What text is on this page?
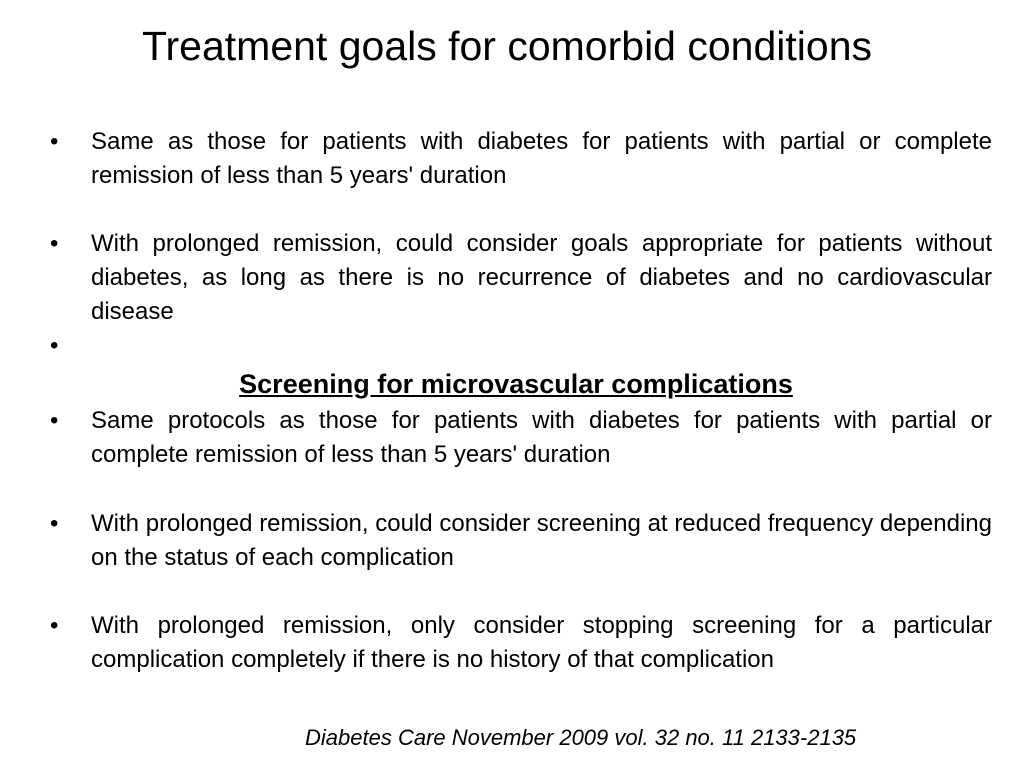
Treatment goals for comorbid conditions
•	Same as those for patients with diabetes for patients with partial or complete remission of less than 5 years' duration
•	With prolonged remission, could consider goals appropriate for patients without diabetes, as long as there is no recurrence of diabetes and no cardiovascular disease
•
Screening for microvascular complications
•	Same protocols as those for patients with diabetes for patients with partial or complete remission of less than 5 years' duration
•	With prolonged remission, could consider screening at reduced frequency depending on the status of each complication
•	With prolonged remission, only consider stopping screening for a particular complication completely if there is no history of that complication
Diabetes Care November 2009 vol. 32 no. 11 2133-2135
